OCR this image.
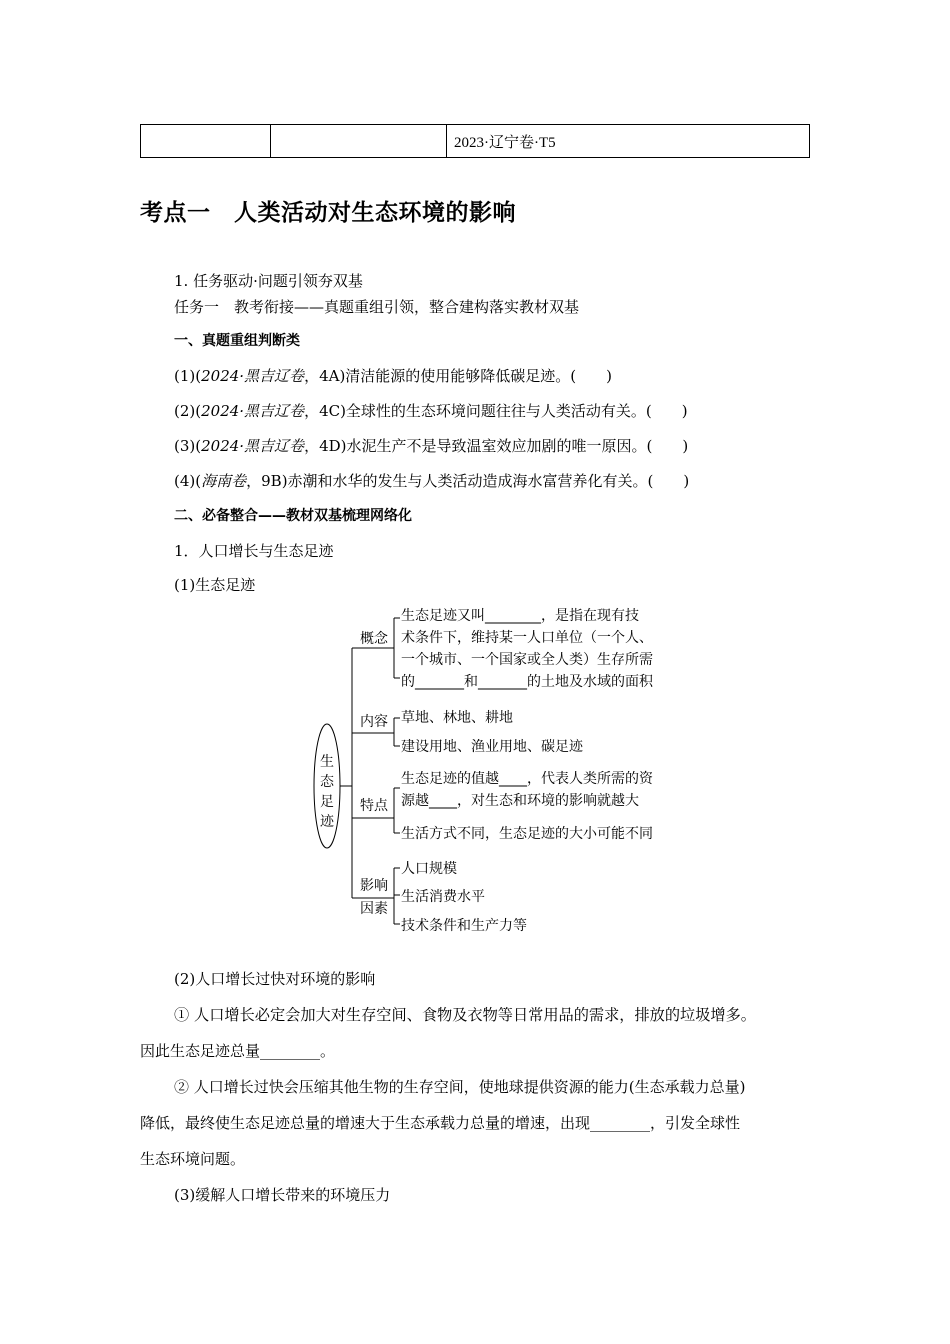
2023·辽宁卷·T5
考点一　人类活动对生态环境的影响
1. 任务驱动·问题引领夯双基
任务一　教考衔接——真题重组引领，整合建构落实教材双基
一、真题重组判断类
(1)(2024·黑吉辽卷，4A)清洁能源的使用能够降低碳足迹。(　　)
(2)(2024·黑吉辽卷，4C)全球性的生态环境问题往往与人类活动有关。(　　)
(3)(2024·黑吉辽卷，4D)水泥生产不是导致温室效应加剧的唯一原因。(　　)
(4)(海南卷，9B)赤潮和水华的发生与人类活动造成海水富营养化有关。(　　)
二、必备整合——教材双基梳理网络化
1．人口增长与生态足迹
(1)生态足迹
生
态
足
迹
概念
内容
特点
影响
因素
生态足迹又叫________，是指在现有技
术条件下，维持某一人口单位（一个人、
一个城市、一个国家或全人类）生存所需
的_______和_______的土地及水域的面积
草地、林地、耕地
建设用地、渔业用地、碳足迹
生态足迹的值越____，代表人类所需的资
源越____，对生态和环境的影响就越大
生活方式不同，生态足迹的大小可能不同
人口规模
生活消费水平
技术条件和生产力等
(2)人口增长过快对环境的影响
① 人口增长必定会加大对生存空间、食物及衣物等日常用品的需求，排放的垃圾增多。
因此生态足迹总量________。
② 人口增长过快会压缩其他生物的生存空间，使地球提供资源的能力(生态承载力总量)
降低，最终使生态足迹总量的增速大于生态承载力总量的增速，出现________，引发全球性
生态环境问题。
(3)缓解人口增长带来的环境压力
